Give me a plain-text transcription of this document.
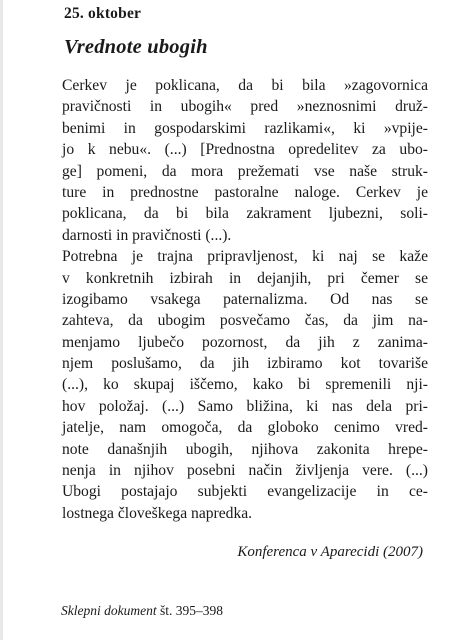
25. oktober
Vrednote ubogih
Cerkev je poklicana, da bi bila »zagovornica
pravičnosti in ubogih« pred »neznosnimi druž-
benimi in gospodarskimi razlikami«, ki »vpije-
jo k nebu«. (...) [Prednostna opredelitev za ubo-
ge] pomeni, da mora prežemati vse naše struk-
ture in prednostne pastoralne naloge. Cerkev je
poklicana, da bi bila zakrament ljubezni, soli-
darnosti in pravičnosti (...).
Potrebna je trajna pripravljenost, ki naj se kaže
v konkretnih izbirah in dejanjih, pri čemer se
izogibamo vsakega paternalizma. Od nas se
zahteva, da ubogim posvečamo čas, da jim na-
menjamo ljubečo pozornost, da jih z zanima-
njem poslušamo, da jih izbiramo kot tovariše
(...), ko skupaj iščemo, kako bi spremenili nji-
hov položaj. (...) Samo bližina, ki nas dela pri-
jatelje, nam omogoča, da globoko cenimo vred-
note današnjih ubogih, njihova zakonita hrepe-
nenja in njihov posebni način življenja vere. (...)
Ubogi postajajo subjekti evangelizacije in ce-
lostnega človeškega napredka.
Konferenca v Aparecidi (2007)
Sklepni dokument št. 395–398
